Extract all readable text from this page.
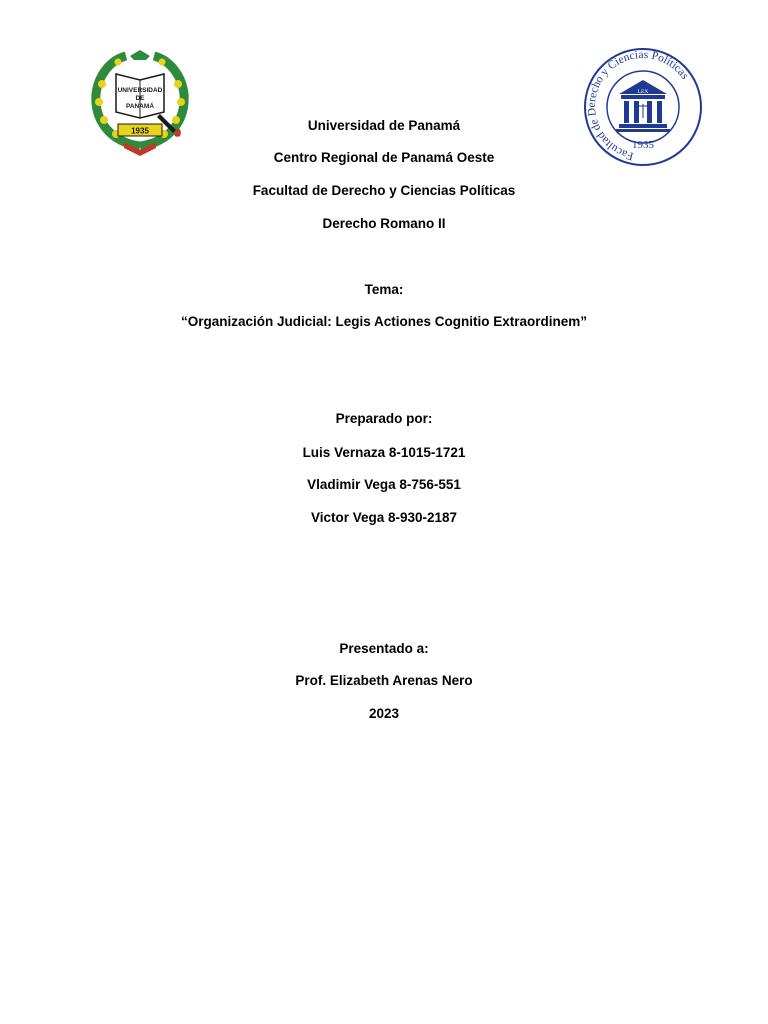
UNIVERSIDAD
DE
PANAMÁ
1935
Facultad de Derecho y Ciencias Políticas
LEX
1935
Universidad de Panamá
Centro Regional de Panamá Oeste
Facultad de Derecho y Ciencias Políticas
Derecho Romano II
Tema:
“Organización Judicial: Legis Actiones Cognitio Extraordinem”
Preparado por:
Luis Vernaza 8-1015-1721
Vladimir Vega 8-756-551
Victor Vega 8-930-2187
Presentado a:
Prof. Elizabeth Arenas Nero
2023
